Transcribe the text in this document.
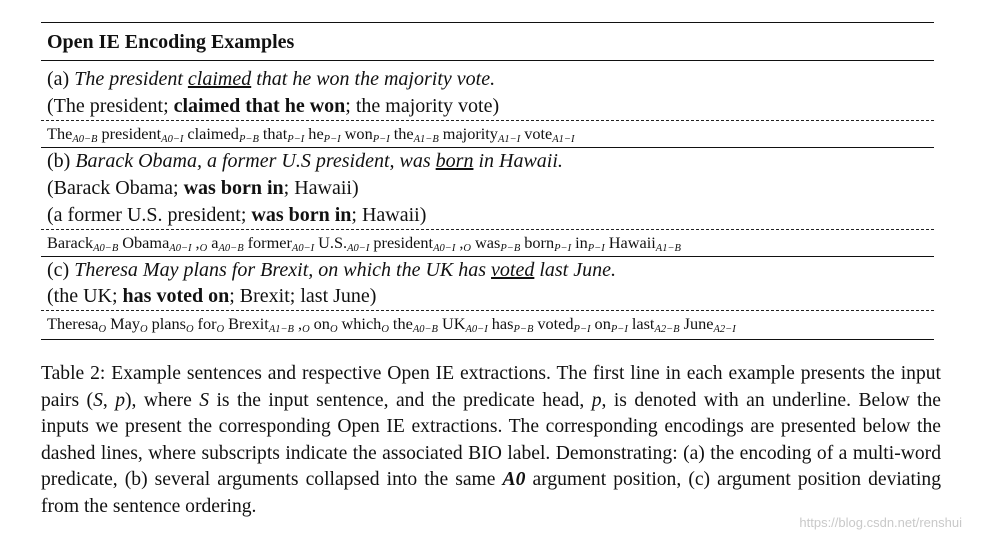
Open IE Encoding Examples
(a) The president claimed that he won the majority vote.
(The president; claimed that he won; the majority vote)
The$_{A0-B}$ president$_{A0-I}$ claimed$_{P-B}$ that$_{P-I}$ $he_{P-I}$ won$_{P-I}$ the$_{A1-B}$ majority$_{A1-I}$ vote$_{A1-I}$
(b) Barack Obama, a former U.S president, was born in Hawaii.
(Barack Obama; was born in; Hawaii)
(a former U.S. president; was born in; Hawaii)
Barack$_{A0-B}$ Obama$_{A0-I}$ $,_O$ $a_{A0-B}$ former$_{A0-I}$ $U.S._{A0-I}$ president$_{A0-I}$ $,_O$ was$_{P-B}$ born$_{P-I}$ $in_{P-I}$ Hawaii$_{A1-B}$
(c) Theresa May plans for Brexit, on which the UK has voted last June.
(the UK; has voted on; Brexit; last June)
Theresa$_O$ May$_O$ plans$_O$ for$_O$ Brexit$_{A1-B}$ $,_O$ $on_O$ which$_O$ the$_{A0-B}$ $UK_{A0-I}$ has$_{P-B}$ voted$_{P-I}$ $on_{P-I}$ last$_{A2-B}$ June$_{A2-I}$

Table 2: Example sentences and respective Open IE extractions. The first line in each example presents the input pairs (S, p), where S is the input sentence, and the predicate head, p, is denoted with an underline. Below the inputs we present the corresponding Open IE extractions. The corresponding encodings are presented below the dashed lines, where subscripts indicate the associated BIO label. Demonstrating: (a) the encoding of a multi-word predicate, (b) several arguments collapsed into the same A0 argument position, (c) argument position deviating from the sentence ordering.

https://blog.csdn.net/renshui
